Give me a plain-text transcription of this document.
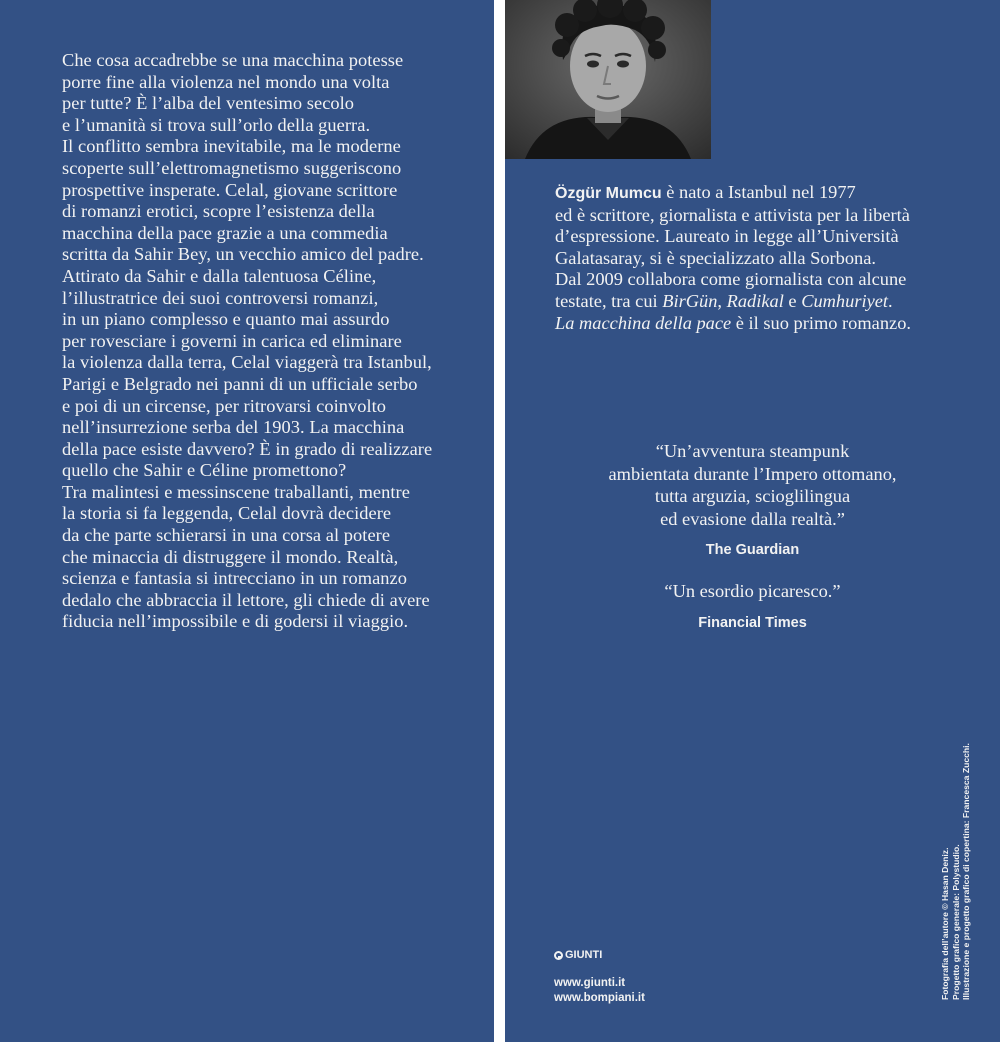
Che cosa accadrebbe se una macchina potesse
porre fine alla violenza nel mondo una volta
per tutte? È l’alba del ventesimo secolo
e l’umanità si trova sull’orlo della guerra.
Il conflitto sembra inevitabile, ma le moderne
scoperte sull’elettromagnetismo suggeriscono
prospettive insperate. Celal, giovane scrittore
di romanzi erotici, scopre l’esistenza della
macchina della pace grazie a una commedia
scritta da Sahir Bey, un vecchio amico del padre.
Attirato da Sahir e dalla talentuosa Céline,
l’illustratrice dei suoi controversi romanzi,
in un piano complesso e quanto mai assurdo
per rovesciare i governi in carica ed eliminare
la violenza dalla terra, Celal viaggerà tra Istanbul,
Parigi e Belgrado nei panni di un ufficiale serbo
e poi di un circense, per ritrovarsi coinvolto
nell’insurrezione serba del 1903. La macchina
della pace esiste davvero? È in grado di realizzare
quello che Sahir e Céline promettono?
Tra malintesi e messinscene traballanti, mentre
la storia si fa leggenda, Celal dovrà decidere
da che parte schierarsi in una corsa al potere
che minaccia di distruggere il mondo. Realtà,
scienza e fantasia si intrecciano in un romanzo
dedalo che abbraccia il lettore, gli chiede di avere
fiducia nell’impossibile e di godersi il viaggio.
Özgür Mumcu è nato a Istanbul nel 1977
ed è scrittore, giornalista e attivista per la libertà
d’espressione. Laureato in legge all’Università
Galatasaray, si è specializzato alla Sorbona.
Dal 2009 collabora come giornalista con alcune
testate, tra cui BirGün, Radikal e Cumhuriyet.
La macchina della pace è il suo primo romanzo.
“Un’avventura steampunk
ambientata durante l’Impero ottomano,
tutta arguzia, scioglilingua
ed evasione dalla realtà.”
The Guardian
“Un esordio picaresco.”
Financial Times
GIUNTI
www.giunti.it
www.bompiani.it	Fotografia dell’autore © Hasan Deniz. Progetto grafico generale: Polystudio. Illustrazione e progetto grafico di copertina: Francesca Zucchi.
